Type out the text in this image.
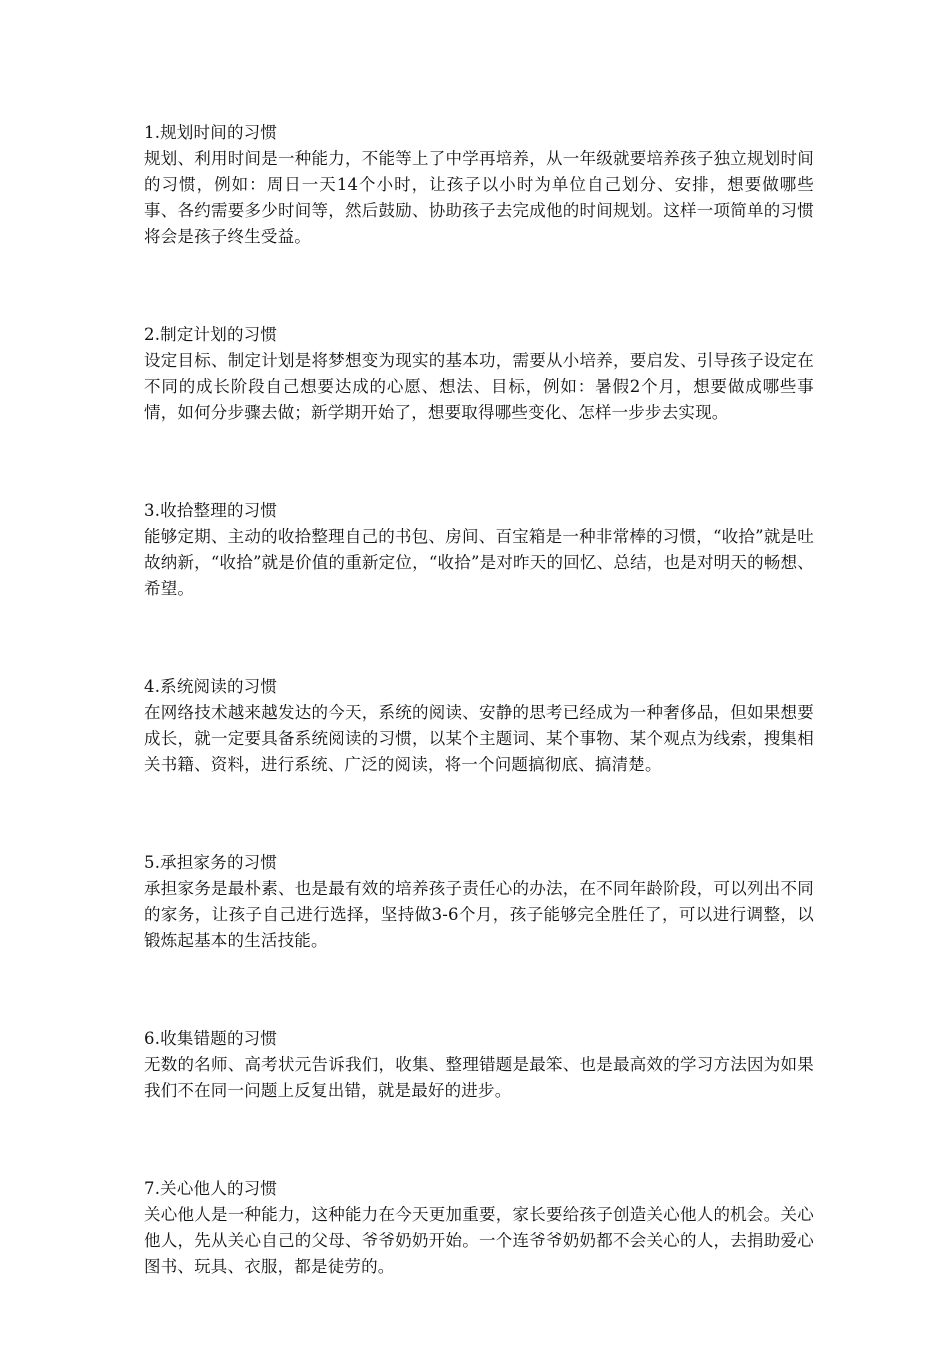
1.规划时间的习惯

规划、利用时间是一种能力，不能等上了中学再培养，从一年级就要培养孩子独立规划时间的习惯，例如：周日一天14个小时，让孩子以小时为单位自己划分、安排，想要做哪些事、各约需要多少时间等，然后鼓励、协助孩子去完成他的时间规划。这样一项简单的习惯将会是孩子终生受益。

2.制定计划的习惯

设定目标、制定计划是将梦想变为现实的基本功，需要从小培养，要启发、引导孩子设定在不同的成长阶段自己想要达成的心愿、想法、目标，例如：暑假2个月，想要做成哪些事情，如何分步骤去做；新学期开始了，想要取得哪些变化、怎样一步步去实现。

3.收拾整理的习惯

能够定期、主动的收拾整理自己的书包、房间、百宝箱是一种非常棒的习惯，“收拾”就是吐故纳新，“收拾”就是价值的重新定位，“收拾”是对昨天的回忆、总结，也是对明天的畅想、希望。

4.系统阅读的习惯

在网络技术越来越发达的今天，系统的阅读、安静的思考已经成为一种奢侈品，但如果想要成长，就一定要具备系统阅读的习惯，以某个主题词、某个事物、某个观点为线索，搜集相关书籍、资料，进行系统、广泛的阅读，将一个问题搞彻底、搞清楚。

5.承担家务的习惯

承担家务是最朴素、也是最有效的培养孩子责任心的办法，在不同年龄阶段，可以列出不同的家务，让孩子自己进行选择，坚持做3-6个月，孩子能够完全胜任了，可以进行调整，以锻炼起基本的生活技能。

6.收集错题的习惯

无数的名师、高考状元告诉我们，收集、整理错题是最笨、也是最高效的学习方法因为如果我们不在同一问题上反复出错，就是最好的进步。

7.关心他人的习惯

关心他人是一种能力，这种能力在今天更加重要，家长要给孩子创造关心他人的机会。关心他人，先从关心自己的父母、爷爷奶奶开始。一个连爷爷奶奶都不会关心的人，去捐助爱心图书、玩具、衣服，都是徒劳的。
